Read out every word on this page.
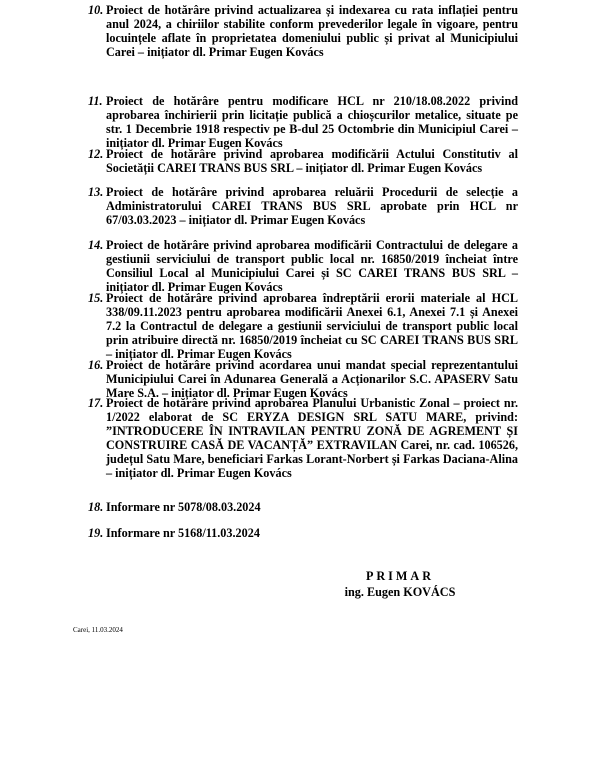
10. Proiect de hotărâre privind actualizarea și indexarea cu rata inflației pentru anul 2024, a chiriilor stabilite conform prevederilor legale în vigoare, pentru locuințele aflate în proprietatea domeniului public și privat al Municipiului Carei – inițiator dl. Primar Eugen Kovács
11. Proiect de hotărâre pentru modificare HCL nr 210/18.08.2022 privind aprobarea închirierii prin licitație publică a chioșcurilor metalice, situate pe str. 1 Decembrie 1918 respectiv pe B-dul 25 Octombrie din Municipiul Carei – inițiator dl. Primar Eugen Kovács
12. Proiect de hotărâre privind aprobarea modificării Actului Constitutiv al Societății CAREI TRANS BUS SRL – inițiator dl. Primar Eugen Kovács
13. Proiect de hotărâre privind aprobarea reluării Procedurii de selecție a Administratorului CAREI TRANS BUS SRL aprobate prin HCL nr 67/03.03.2023 – inițiator dl. Primar Eugen Kovács
14. Proiect de hotărâre privind aprobarea modificării Contractului de delegare a gestiunii serviciului de transport public local nr. 16850/2019 încheiat între Consiliul Local al Municipiului Carei și SC CAREI TRANS BUS SRL – inițiator dl. Primar Eugen Kovács
15. Proiect de hotărâre privind aprobarea îndreptării erorii materiale al HCL 338/09.11.2023 pentru aprobarea modificării Anexei 6.1, Anexei 7.1 și Anexei 7.2 la Contractul de delegare a gestiunii serviciului de transport public local prin atribuire directă nr. 16850/2019 încheiat cu SC CAREI TRANS BUS SRL – inițiator dl. Primar Eugen Kovács
16. Proiect de hotărâre privind acordarea unui mandat special reprezentantului Municipiului Carei în Adunarea Generală a Acționarilor S.C. APASERV Satu Mare S.A. – inițiator dl. Primar Eugen Kovács
17. Proiect de hotărâre privind aprobarea Planului Urbanistic Zonal – proiect nr. 1/2022 elaborat de SC ERYZA DESIGN SRL SATU MARE, privind: ”INTRODUCERE ÎN INTRAVILAN PENTRU ZONĂ DE AGREMENT ȘI CONSTRUIRE CASĂ DE VACANȚĂ” EXTRAVILAN Carei, nr. cad. 106526, județul Satu Mare, beneficiari Farkas Lorant-Norbert și Farkas Daciana-Alina – inițiator dl. Primar Eugen Kovács
18. Informare nr 5078/08.03.2024
19. Informare nr 5168/11.03.2024
PRIMAR
ing. Eugen KOVÁCS
Carei, 11.03.2024
